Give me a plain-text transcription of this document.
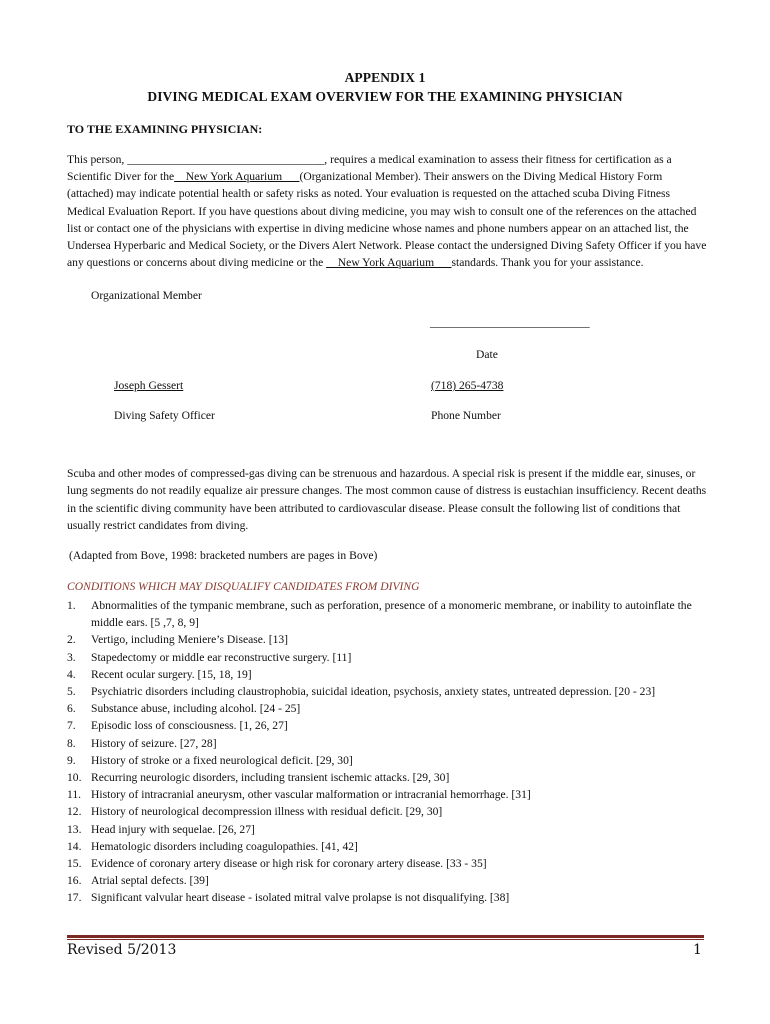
APPENDIX 1
DIVING MEDICAL EXAM OVERVIEW FOR THE EXAMINING PHYSICIAN
TO THE EXAMINING PHYSICIAN:
This person, __________________________________, requires a medical examination to assess their fitness for certification as a Scientific Diver for the__New York Aquarium___(Organizational Member). Their answers on the Diving Medical History Form (attached) may indicate potential health or safety risks as noted. Your evaluation is requested on the attached scuba Diving Fitness Medical Evaluation Report. If you have questions about diving medicine, you may wish to consult one of the references on the attached list or contact one of the physicians with expertise in diving medicine whose names and phone numbers appear on an attached list, the Undersea Hyperbaric and Medical Society, or the Divers Alert Network. Please contact the undersigned Diving Safety Officer if you have any questions or concerns about diving medicine or the __New York Aquarium___standards. Thank you for your assistance.
Organizational Member
_____________________________
Date
Joseph Gessert	(718) 265-4738
Diving Safety Officer	Phone Number
Scuba and other modes of compressed-gas diving can be strenuous and hazardous. A special risk is present if the middle ear, sinuses, or lung segments do not readily equalize air pressure changes. The most common cause of distress is eustachian insufficiency. Recent deaths in the scientific diving community have been attributed to cardiovascular disease. Please consult the following list of conditions that usually restrict candidates from diving.
(Adapted from Bove, 1998: bracketed numbers are pages in Bove)
CONDITIONS WHICH MAY DISQUALIFY CANDIDATES FROM DIVING
1. Abnormalities of the tympanic membrane, such as perforation, presence of a monomeric membrane, or inability to autoinflate the middle ears. [5 ,7, 8, 9]
2. Vertigo, including Meniere’s Disease. [13]
3. Stapedectomy or middle ear reconstructive surgery. [11]
4. Recent ocular surgery. [15, 18, 19]
5. Psychiatric disorders including claustrophobia, suicidal ideation, psychosis, anxiety states, untreated depression. [20 - 23]
6. Substance abuse, including alcohol. [24 - 25]
7. Episodic loss of consciousness. [1, 26, 27]
8. History of seizure. [27, 28]
9. History of stroke or a fixed neurological deficit. [29, 30]
10. Recurring neurologic disorders, including transient ischemic attacks. [29, 30]
11. History of intracranial aneurysm, other vascular malformation or intracranial hemorrhage. [31]
12. History of neurological decompression illness with residual deficit. [29, 30]
13. Head injury with sequelae. [26, 27]
14. Hematologic disorders including coagulopathies. [41, 42]
15. Evidence of coronary artery disease or high risk for coronary artery disease. [33 - 35]
16. Atrial septal defects. [39]
17. Significant valvular heart disease - isolated mitral valve prolapse is not disqualifying. [38]
Revised 5/2013	1
